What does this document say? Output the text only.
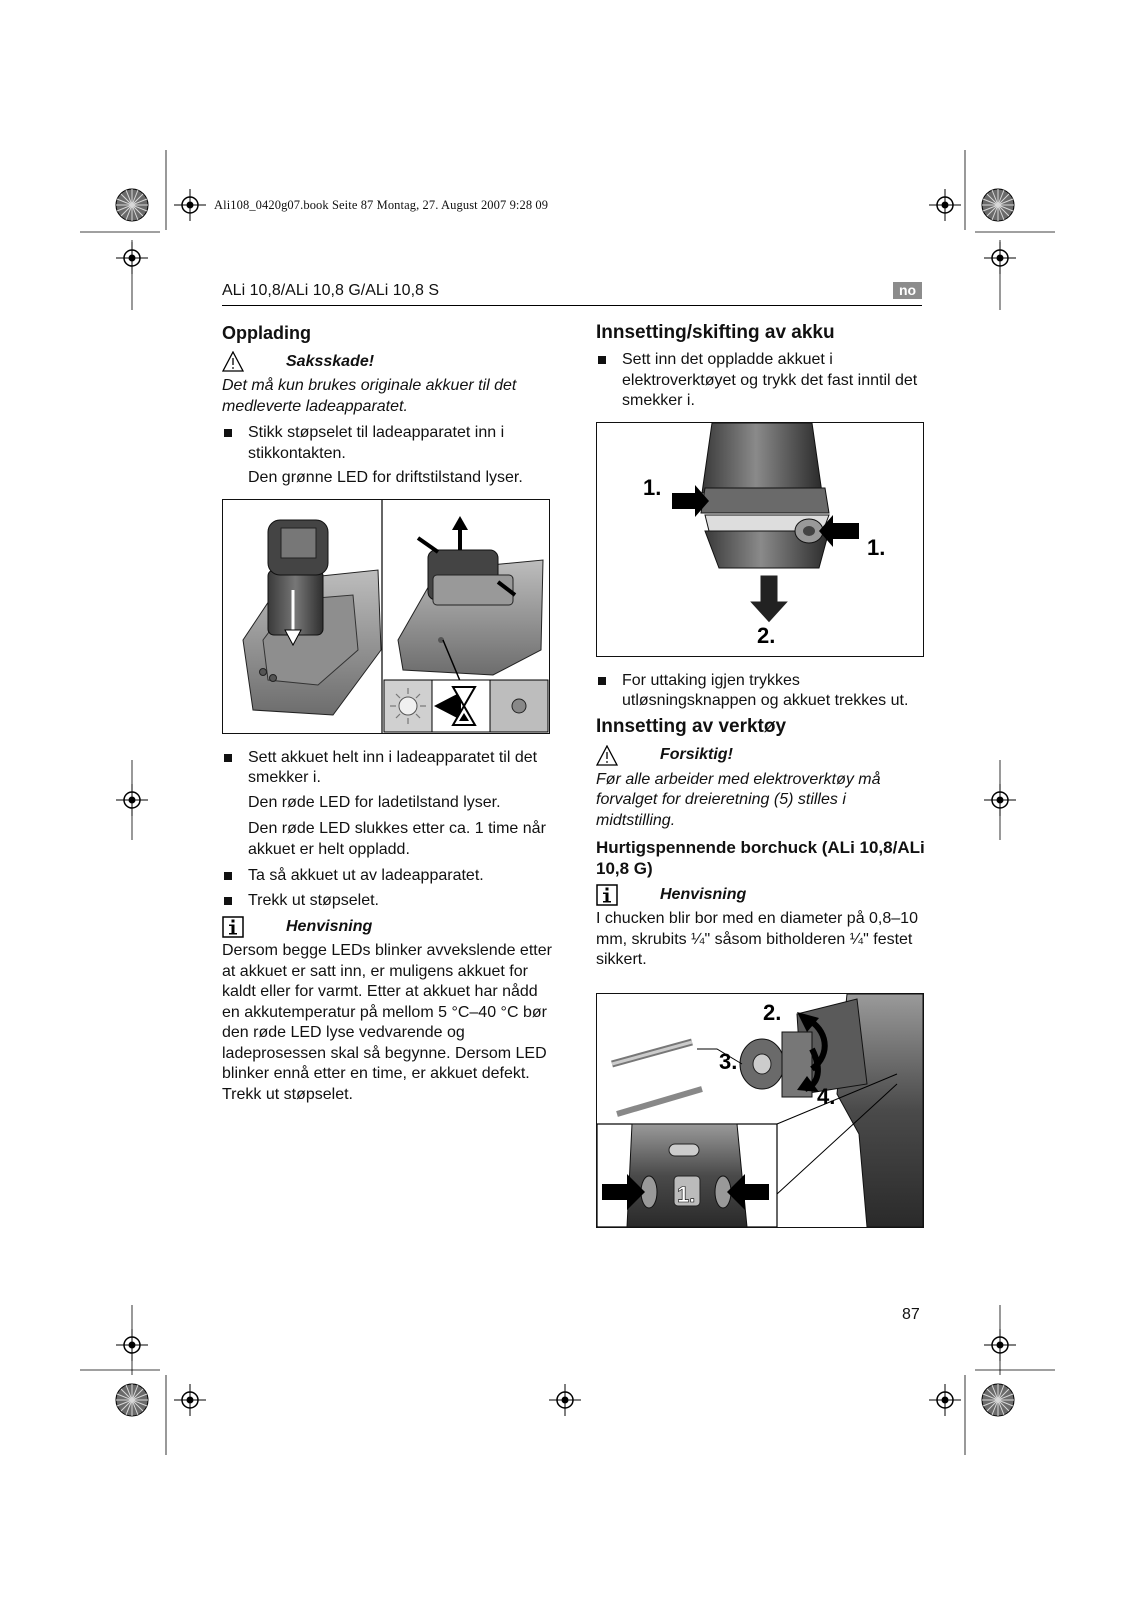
Ali108_0420g07.book Seite 87 Montag, 27. August 2007 9:28 09
ALi 10,8/ALi 10,8 G/ALi 10,8 S	no
Opplading
Saksskade!

Det må kun brukes originale akkuer til det medleverte ladeapparatet.

Stikk støpselet til ladeapparatet inn i stikkontakten.
Den grønne LED for driftstilstand lyser.
Sett akkuet helt inn i ladeapparatet til det smekker i.
Den røde LED for ladetilstand lyser.
Den røde LED slukkes etter ca. 1 time når akkuet er helt oppladd.
Ta så akkuet ut av ladeapparatet.
Trekk ut støpselet.
Henvisning

Dersom begge LEDs blinker avvekslende etter at akkuet er satt inn, er muligens akkuet for kaldt eller for varmt. Etter at akkuet har nådd en akkutemperatur på mellom 5 °C–40 °C bør den røde LED lyse vedvarende og ladeprosessen skal så begynne. Dersom LED blinker ennå etter en time, er akkuet defekt. Trekk ut støpselet.

Innsetting/skifting av akku
Sett inn det oppladde akkuet i elektroverktøyet og trykk det fast inntil det smekker i.
1.
1.
2.
For uttaking igjen trykkes utløsningsknappen og akkuet trekkes ut.
Innsetting av verktøy
Forsiktig!

Før alle arbeider med elektroverktøy må forvalget for dreieretning (5) stilles i midtstilling.

Hurtigspennende borchuck (ALi 10,8/ALi 10,8 G)
Henvisning

I chucken blir bor med en diameter på 0,8–10 mm, skrubits ¼" såsom bitholderen ¼" festet sikkert.

2.
3.
4.
1.
87
